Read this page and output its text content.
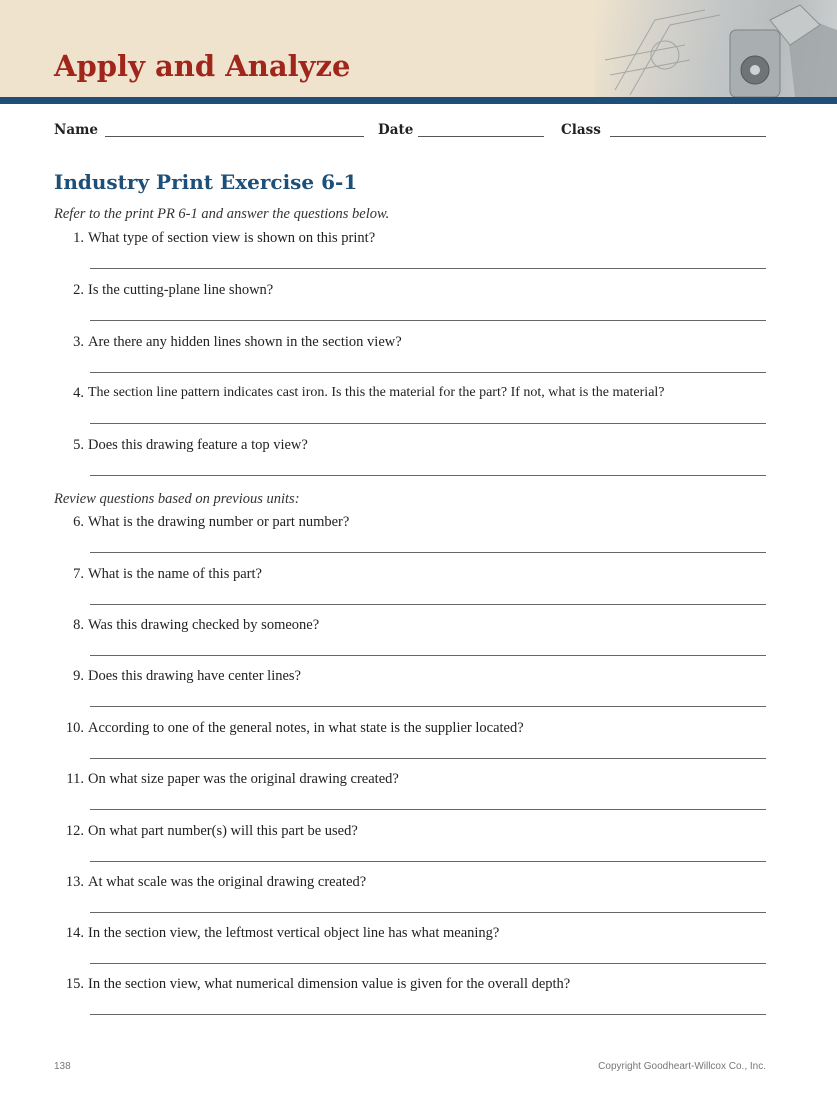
Apply and Analyze
Name	Date	Class
Industry Print Exercise 6-1

Refer to the print PR 6-1 and answer the questions below.

1. What type of section view is shown on this print?
2. Is the cutting-plane line shown?
3. Are there any hidden lines shown in the section view?
4. The section line pattern indicates cast iron. Is this the material for the part? If not, what is the material?
5. Does this drawing feature a top view?

Review questions based on previous units:

6. What is the drawing number or part number?
7. What is the name of this part?
8. Was this drawing checked by someone?
9. Does this drawing have center lines?
10. According to one of the general notes, in what state is the supplier located?
11. On what size paper was the original drawing created?
12. On what part number(s) will this part be used?
13. At what scale was the original drawing created?
14. In the section view, the leftmost vertical object line has what meaning?
15. In the section view, what numerical dimension value is given for the overall depth?
138	Copyright Goodheart-Willcox Co., Inc.
